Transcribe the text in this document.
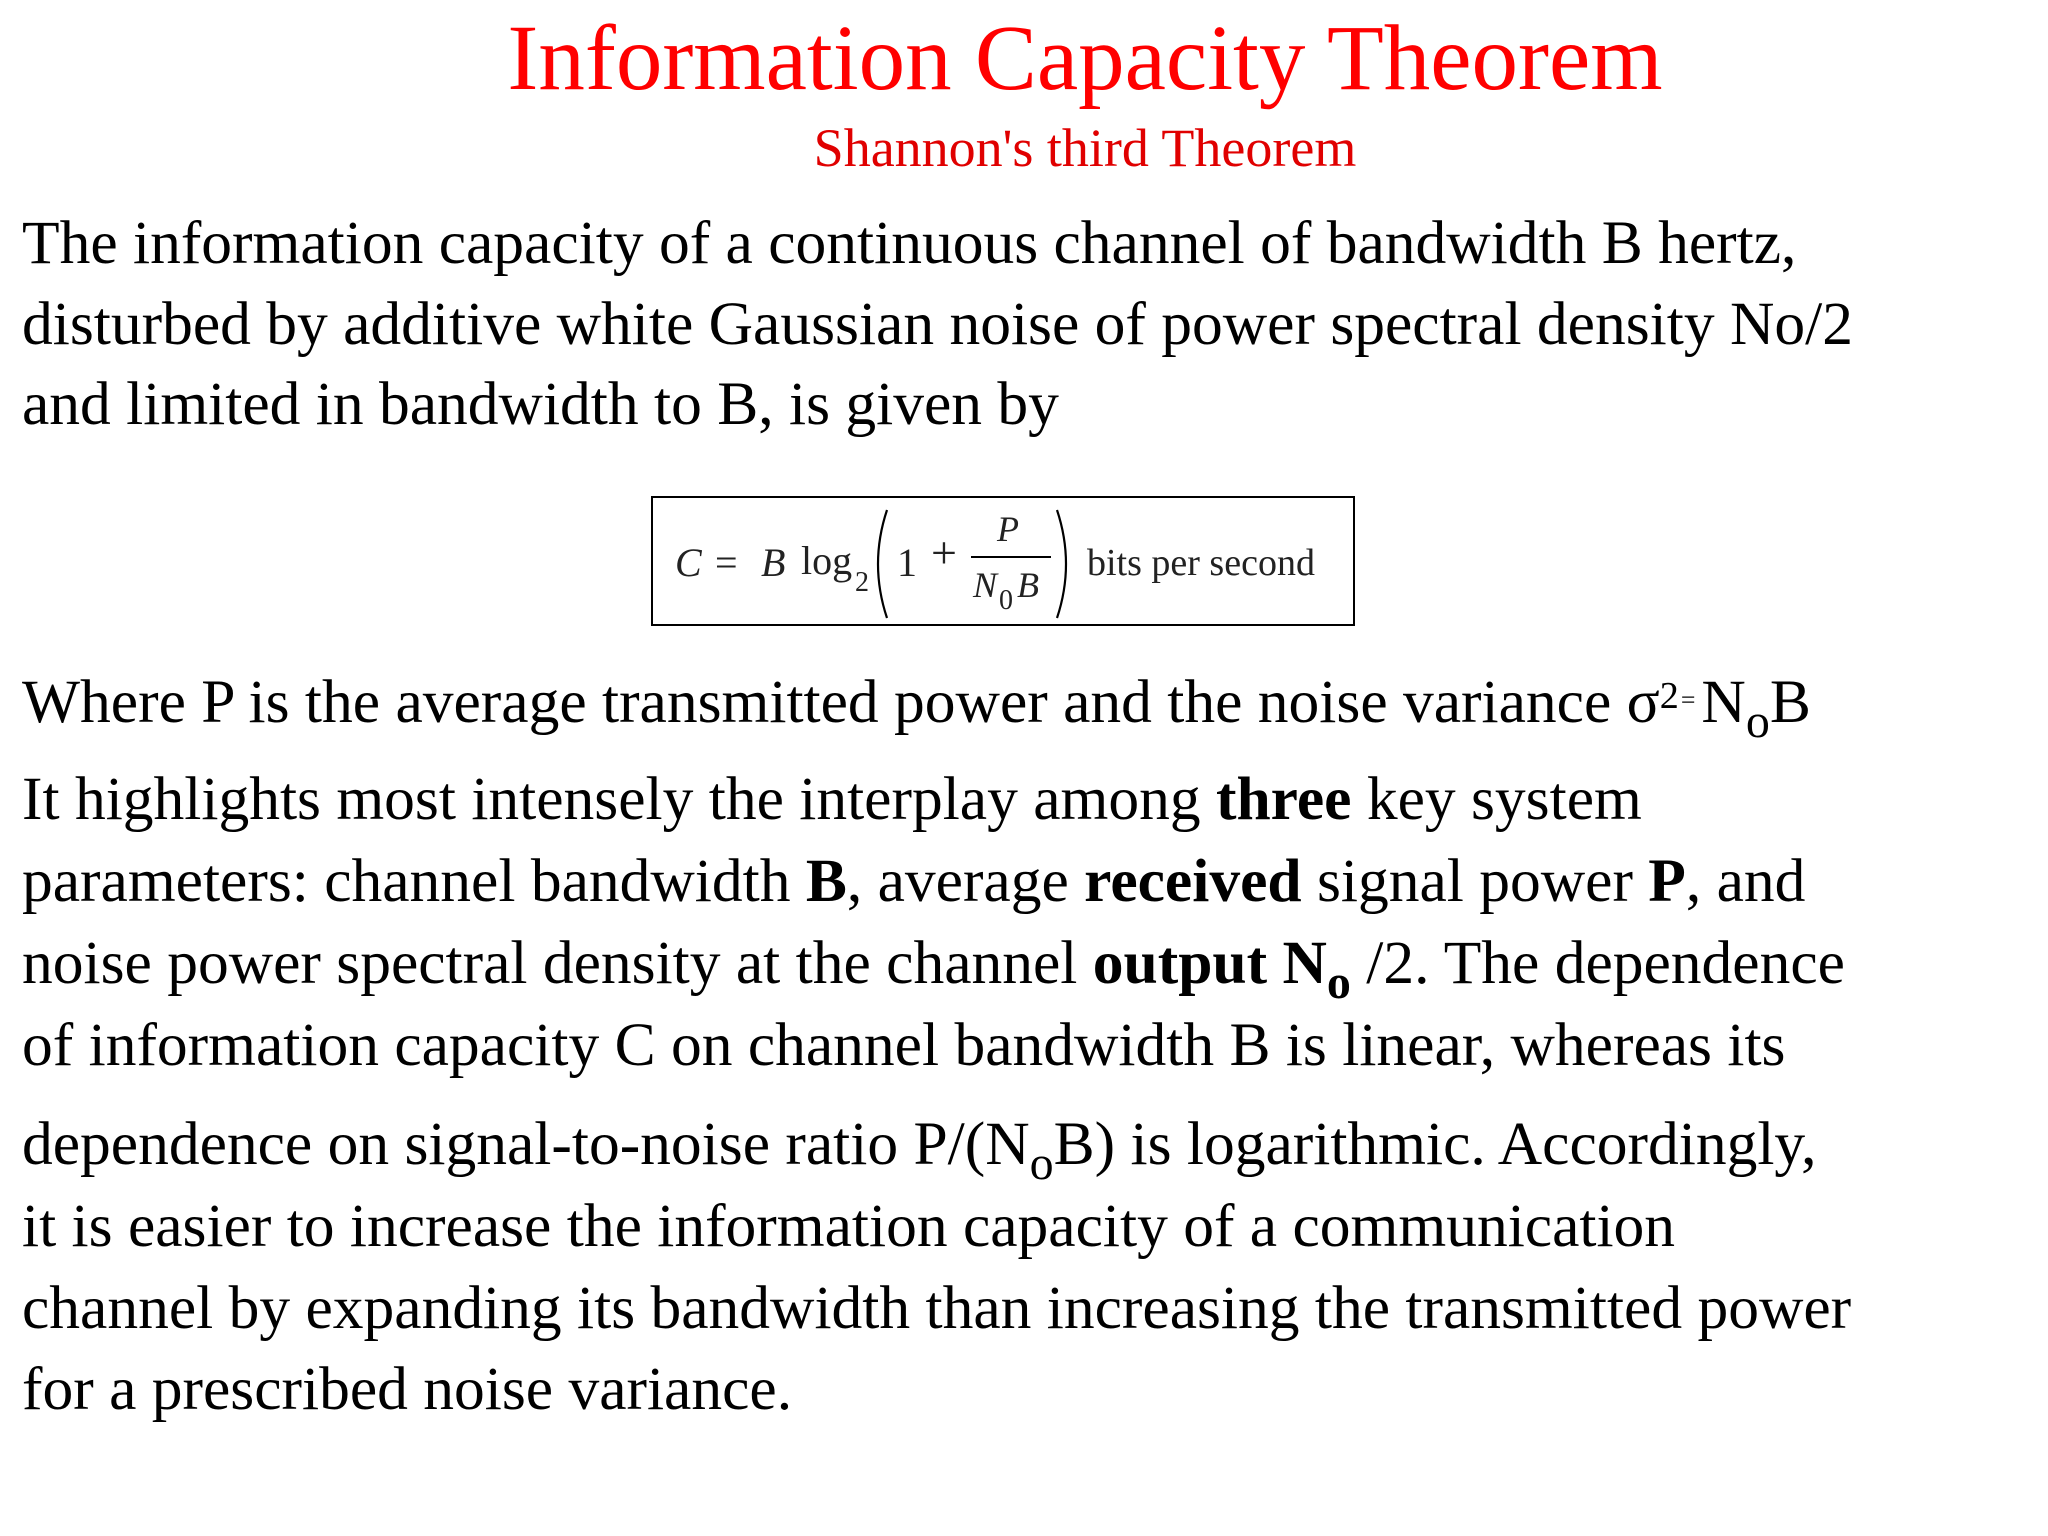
Information Capacity Theorem
Shannon's third Theorem
The information capacity of a continuous channel of bandwidth B hertz,
disturbed by additive white Gaussian noise of power spectral density No/2
and limited in bandwidth to B, is given by
C = B log 2 1 + P
N 0 B
bits per second
Where P is the average transmitted power and the noise variance $\sigma^{2=}N_oB$
It highlights most intensely the interplay among three key system
parameters: channel bandwidth B, average received signal power P, and
noise power spectral density at the channel output $N_o$ /2. The dependence
of information capacity C on channel bandwidth B is linear, whereas its
dependence on signal-to-noise ratio $P/(N_oB)$ is logarithmic. Accordingly,
it is easier to increase the information capacity of a communication
channel by expanding its bandwidth than increasing the transmitted power
for a prescribed noise variance.
